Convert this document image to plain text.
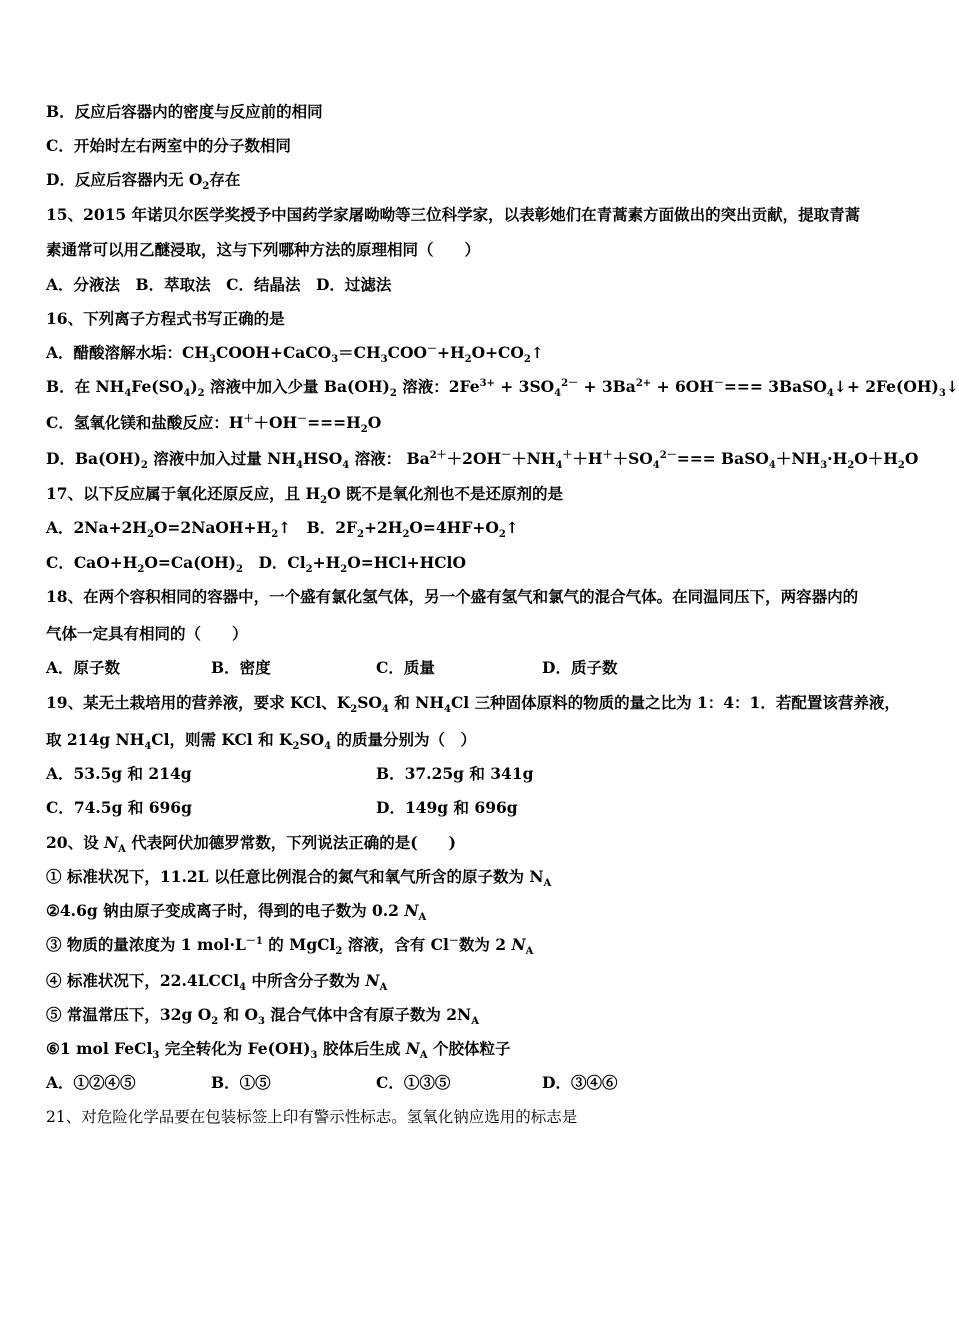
B．反应后容器内的密度与反应前的相同
C．开始时左右两室中的分子数相同
D．反应后容器内无 $O_2$存在
15、2015 年诺贝尔医学奖授予中国药学家屠呦呦等三位科学家，以表彰她们在青蒿素方面做出的突出贡献，提取青蒿
素通常可以用乙醚浸取，这与下列哪种方法的原理相同（　　）
A．分液法　B．萃取法　C．结晶法　D．过滤法
16、下列离子方程式书写正确的是
A．醋酸溶解水垢：$CH_3COOH+CaCO_3=CH_3COO^-+H_2O+CO_2↑$
B．在 $NH_4Fe(SO_4)_2$ 溶液中加入少量 $Ba(OH)_2$ 溶液：$2Fe^{3+} + 3SO_4^{2-} + 3Ba^{2+} + 6OH^-===$ 3BaSO$_4$↓+ $2Fe(OH)_3↓$
C．氢氧化镁和盐酸反应：$H^++OH^-===H_2O$
D．$Ba(OH)_2$ 溶液中加入过量 $NH_4HSO_4$ 溶液： $Ba^{2+}+2OH^-+NH_4^++H^++SO_4^{2-}===$ $BaSO_4+NH_3\cdot H_2O+H_2O$
17、以下反应属于氧化还原反应，且 $H_2O$ 既不是氧化剂也不是还原剂的是
A．$2Na+2H_2O=2NaOH+H_2↑$　B．$2F_2+2H_2O=4HF+O_2↑$
C．$CaO+H_2O=Ca(OH)_2$　D．$Cl_2+H_2O=HCl+HClO$
18、在两个容积相同的容器中，一个盛有氯化氢气体，另一个盛有氢气和氯气的混合气体。在同温同压下，两容器内的
气体一定具有相同的（　　）
A．原子数	B．密度	C．质量	D．质子数
19、某无土栽培用的营养液，要求 KCl、$K_2SO_4$ 和 $NH_4Cl$ 三种固体原料的物质的量之比为 1：4：1．若配置该营养液，
取 214g $NH_4Cl$，则需 KCl 和 $K_2SO_4$ 的质量分别为（　）
A．53.5g 和 214g	B．37.25g 和 341g
C．74.5g 和 696g	D．149g 和 696g
20、设 $N_A$ 代表阿伏加德罗常数，下列说法正确的是(　　)
① 标准状况下，11.2L 以任意比例混合的氮气和氧气所含的原子数为 $N_A$
②4.6g 钠由原子变成离子时，得到的电子数为 0.2 $N_A$
③ 物质的量浓度为 1 $mol\cdot L^{-1}$ 的 MgCl$_2$ 溶液，含有 Cl－数为 2 $N_A$
④ 标准状况下，22.4LCCl$_4$ 中所含分子数为 $N_A$
⑤ 常温常压下，32g $O_2$ 和 $O_3$ 混合气体中含有原子数为 $2N_A$
⑥1 mol FeCl$_3$ 完全转化为 $Fe(OH)_3$ 胶体后生成 $N_A$ 个胶体粒子
A．①②④⑤	B．①⑤	C．①③⑤	D．③④⑥
21、对危险化学品要在包装标签上印有警示性标志。氢氧化钠应选用的标志是
